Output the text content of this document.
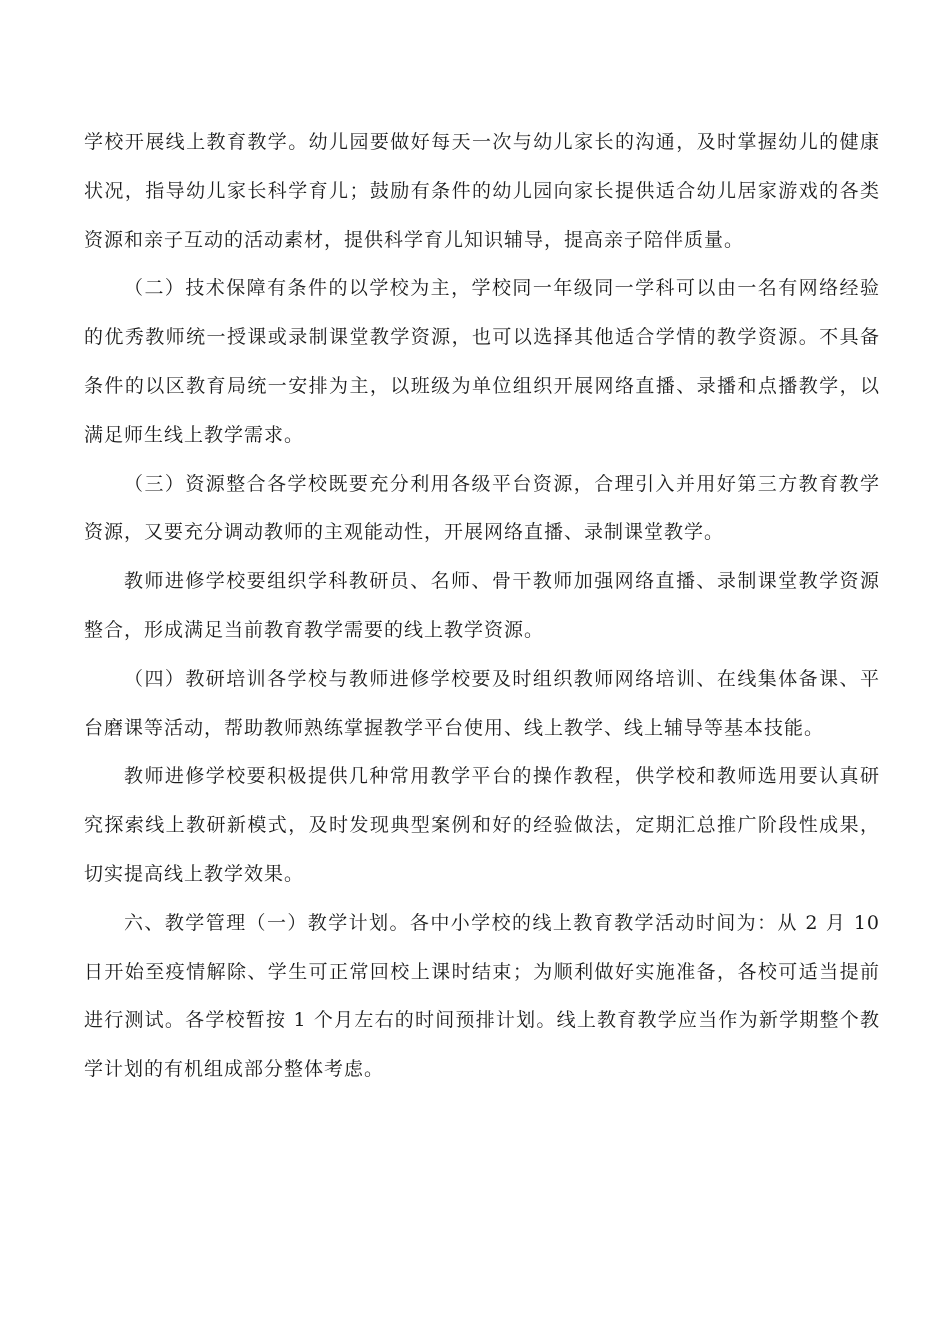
学校开展线上教育教学。幼儿园要做好每天一次与幼儿家长的沟通，及时掌握幼儿的健康状况，指导幼儿家长科学育儿；鼓励有条件的幼儿园向家长提供适合幼儿居家游戏的各类资源和亲子互动的活动素材，提供科学育儿知识辅导，提高亲子陪伴质量。

（二）技术保障有条件的以学校为主，学校同一年级同一学科可以由一名有网络经验的优秀教师统一授课或录制课堂教学资源，也可以选择其他适合学情的教学资源。不具备条件的以区教育局统一安排为主，以班级为单位组织开展网络直播、录播和点播教学，以满足师生线上教学需求。

（三）资源整合各学校既要充分利用各级平台资源，合理引入并用好第三方教育教学资源，又要充分调动教师的主观能动性，开展网络直播、录制课堂教学。

教师进修学校要组织学科教研员、名师、骨干教师加强网络直播、录制课堂教学资源整合，形成满足当前教育教学需要的线上教学资源。

（四）教研培训各学校与教师进修学校要及时组织教师网络培训、在线集体备课、平台磨课等活动，帮助教师熟练掌握教学平台使用、线上教学、线上辅导等基本技能。

教师进修学校要积极提供几种常用教学平台的操作教程，供学校和教师选用要认真研究探索线上教研新模式，及时发现典型案例和好的经验做法，定期汇总推广阶段性成果，切实提高线上教学效果。

六、教学管理（一）教学计划。各中小学校的线上教育教学活动时间为：从 2 月 10 日开始至疫情解除、学生可正常回校上课时结束；为顺利做好实施准备，各校可适当提前进行测试。各学校暂按 1 个月左右的时间预排计划。线上教育教学应当作为新学期整个教学计划的有机组成部分整体考虑。
